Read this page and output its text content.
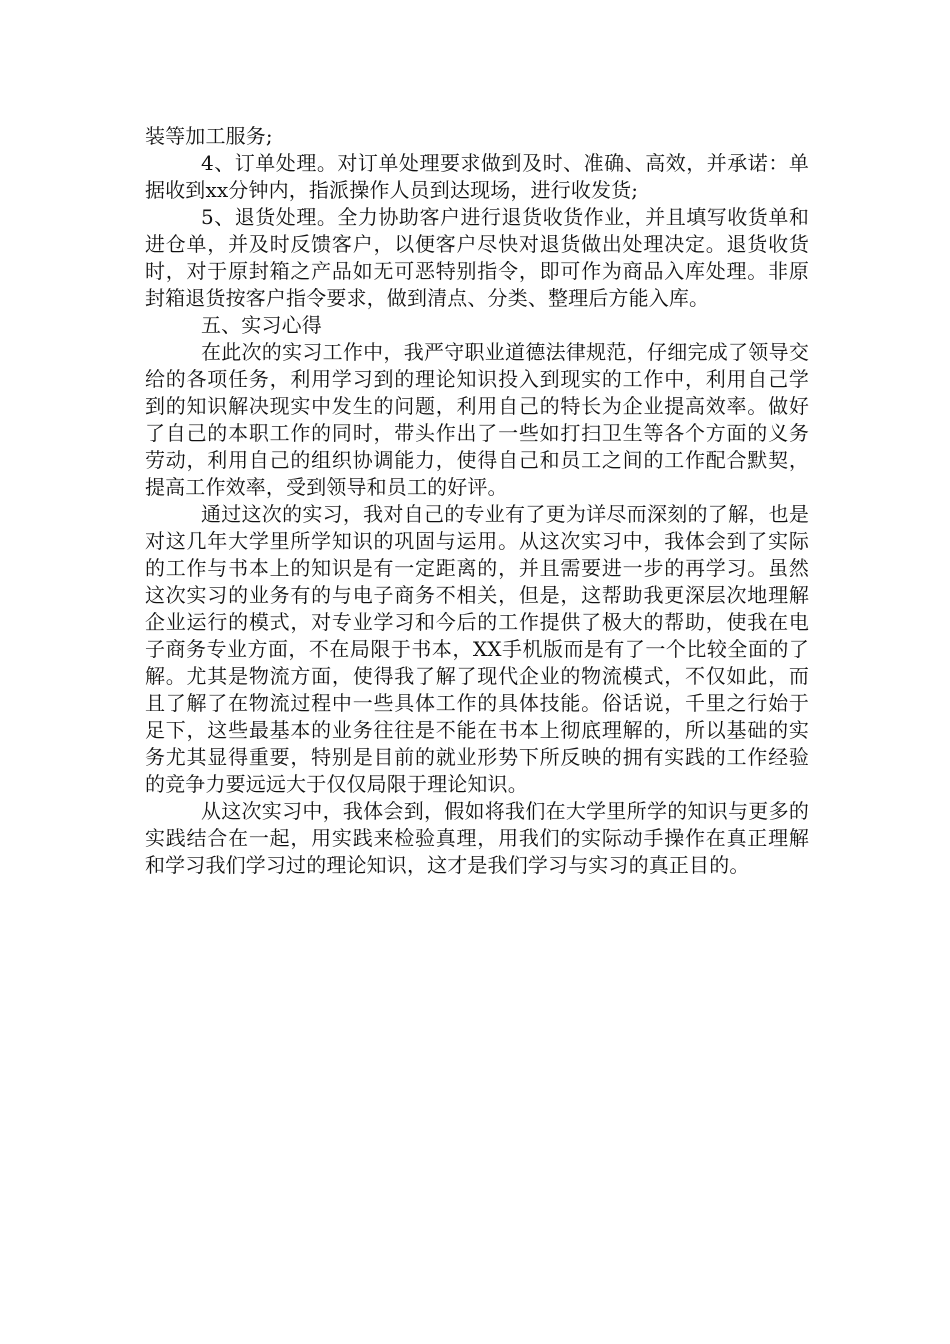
装等加工服务;

4、订单处理。对订单处理要求做到及时、准确、高效，并承诺：单据收到xx分钟内，指派操作人员到达现场，进行收发货;

5、退货处理。全力协助客户进行退货收货作业，并且填写收货单和进仓单，并及时反馈客户，以便客户尽快对退货做出处理决定。退货收货时，对于原封箱之产品如无可恶特别指令，即可作为商品入库处理。非原封箱退货按客户指令要求，做到清点、分类、整理后方能入库。

五、实习心得

在此次的实习工作中，我严守职业道德法律规范，仔细完成了领导交给的各项任务，利用学习到的理论知识投入到现实的工作中，利用自己学到的知识解决现实中发生的问题，利用自己的特长为企业提高效率。做好了自己的本职工作的同时，带头作出了一些如打扫卫生等各个方面的义务劳动，利用自己的组织协调能力，使得自己和员工之间的工作配合默契，提高工作效率，受到领导和员工的好评。

通过这次的实习，我对自己的专业有了更为详尽而深刻的了解，也是对这几年大学里所学知识的巩固与运用。从这次实习中，我体会到了实际的工作与书本上的知识是有一定距离的，并且需要进一步的再学习。虽然这次实习的业务有的与电子商务不相关，但是，这帮助我更深层次地理解企业运行的模式，对专业学习和今后的工作提供了极大的帮助，使我在电子商务专业方面，不在局限于书本，XX手机版而是有了一个比较全面的了解。尤其是物流方面，使得我了解了现代企业的物流模式，不仅如此，而且了解了在物流过程中一些具体工作的具体技能。俗话说，千里之行始于足下，这些最基本的业务往往是不能在书本上彻底理解的，所以基础的实务尤其显得重要，特别是目前的就业形势下所反映的拥有实践的工作经验的竞争力要远远大于仅仅局限于理论知识。

从这次实习中，我体会到，假如将我们在大学里所学的知识与更多的实践结合在一起，用实践来检验真理，用我们的实际动手操作在真正理解和学习我们学习过的理论知识，这才是我们学习与实习的真正目的。
